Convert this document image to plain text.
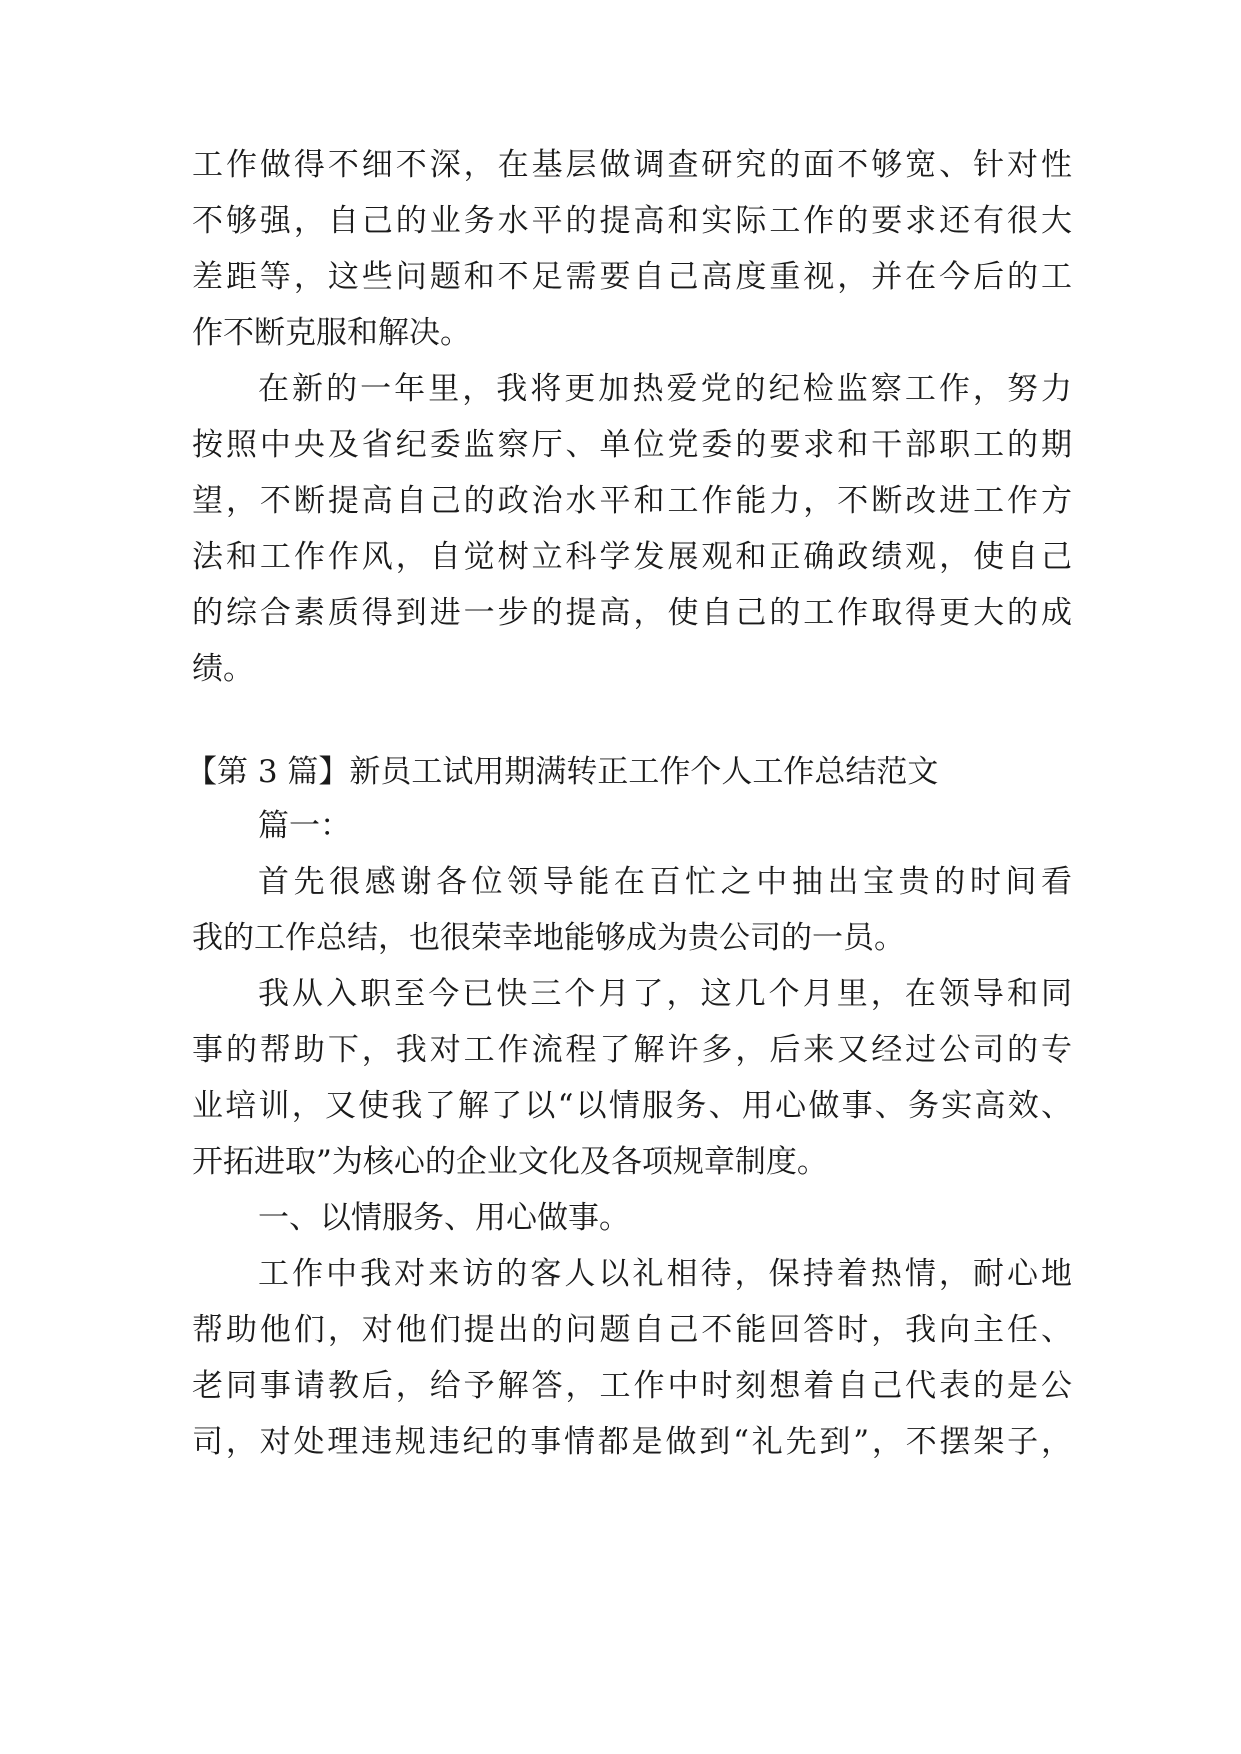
工作做得不细不深，在基层做调查研究的面不够宽、针对性
不够强，自己的业务水平的提高和实际工作的要求还有很大
差距等，这些问题和不足需要自己高度重视，并在今后的工
作不断克服和解决。
在新的一年里，我将更加热爱党的纪检监察工作，努力
按照中央及省纪委监察厅、单位党委的要求和干部职工的期
望，不断提高自己的政治水平和工作能力，不断改进工作方
法和工作作风，自觉树立科学发展观和正确政绩观，使自己
的综合素质得到进一步的提高，使自己的工作取得更大的成
绩。
【第 3 篇】新员工试用期满转正工作个人工作总结范文
篇一：
首先很感谢各位领导能在百忙之中抽出宝贵的时间看
我的工作总结，也很荣幸地能够成为贵公司的一员。
我从入职至今已快三个月了，这几个月里，在领导和同
事的帮助下，我对工作流程了解许多，后来又经过公司的专
业培训，又使我了解了以“以情服务、用心做事、务实高效、
开拓进取”为核心的企业文化及各项规章制度。
一、以情服务、用心做事。
工作中我对来访的客人以礼相待，保持着热情，耐心地
帮助他们，对他们提出的问题自己不能回答时，我向主任、
老同事请教后，给予解答，工作中时刻想着自己代表的是公
司，对处理违规违纪的事情都是做到“礼先到”，不摆架子，
